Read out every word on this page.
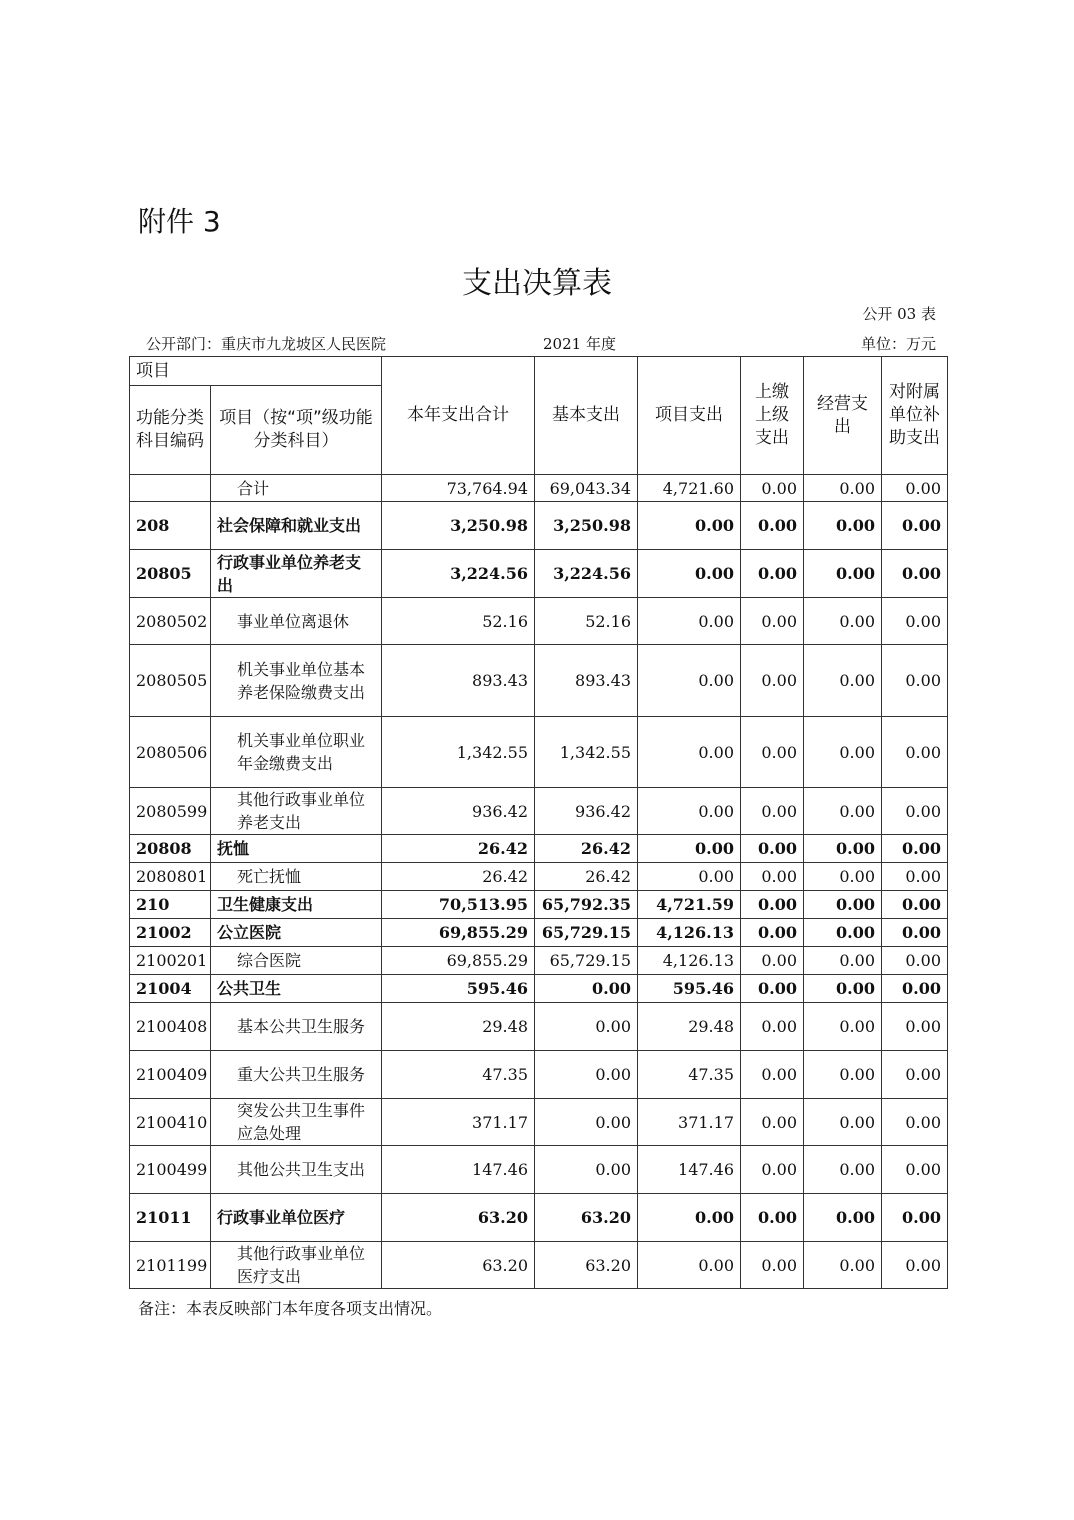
附件 3
支出决算表
公开 03 表
公开部门：重庆市九龙坡区人民医院	2021 年度	单位：万元
项目		本年支出合计	基本支出	项目支出	上缴上级支出	经营支出	对附属单位补助支出
功能分类科目编码	项目（按“项”级功能分类科目）						
	合计	73,764.94	69,043.34	4,721.60	0.00	0.00	0.00
208	社会保障和就业支出	3,250.98	3,250.98	0.00	0.00	0.00	0.00
20805	行政事业单位养老支出	3,224.56	3,224.56	0.00	0.00	0.00	0.00
2080502	事业单位离退休	52.16	52.16	0.00	0.00	0.00	0.00
2080505	机关事业单位基本养老保险缴费支出	893.43	893.43	0.00	0.00	0.00	0.00
2080506	机关事业单位职业年金缴费支出	1,342.55	1,342.55	0.00	0.00	0.00	0.00
2080599	其他行政事业单位养老支出	936.42	936.42	0.00	0.00	0.00	0.00
20808	抚恤	26.42	26.42	0.00	0.00	0.00	0.00
2080801	死亡抚恤	26.42	26.42	0.00	0.00	0.00	0.00
210	卫生健康支出	70,513.95	65,792.35	4,721.59	0.00	0.00	0.00
21002	公立医院	69,855.29	65,729.15	4,126.13	0.00	0.00	0.00
2100201	综合医院	69,855.29	65,729.15	4,126.13	0.00	0.00	0.00
21004	公共卫生	595.46	0.00	595.46	0.00	0.00	0.00
2100408	基本公共卫生服务	29.48	0.00	29.48	0.00	0.00	0.00
2100409	重大公共卫生服务	47.35	0.00	47.35	0.00	0.00	0.00
2100410	突发公共卫生事件应急处理	371.17	0.00	371.17	0.00	0.00	0.00
2100499	其他公共卫生支出	147.46	0.00	147.46	0.00	0.00	0.00
21011	行政事业单位医疗	63.20	63.20	0.00	0.00	0.00	0.00
2101199	其他行政事业单位医疗支出	63.20	63.20	0.00	0.00	0.00	0.00
备注：本表反映部门本年度各项支出情况。
